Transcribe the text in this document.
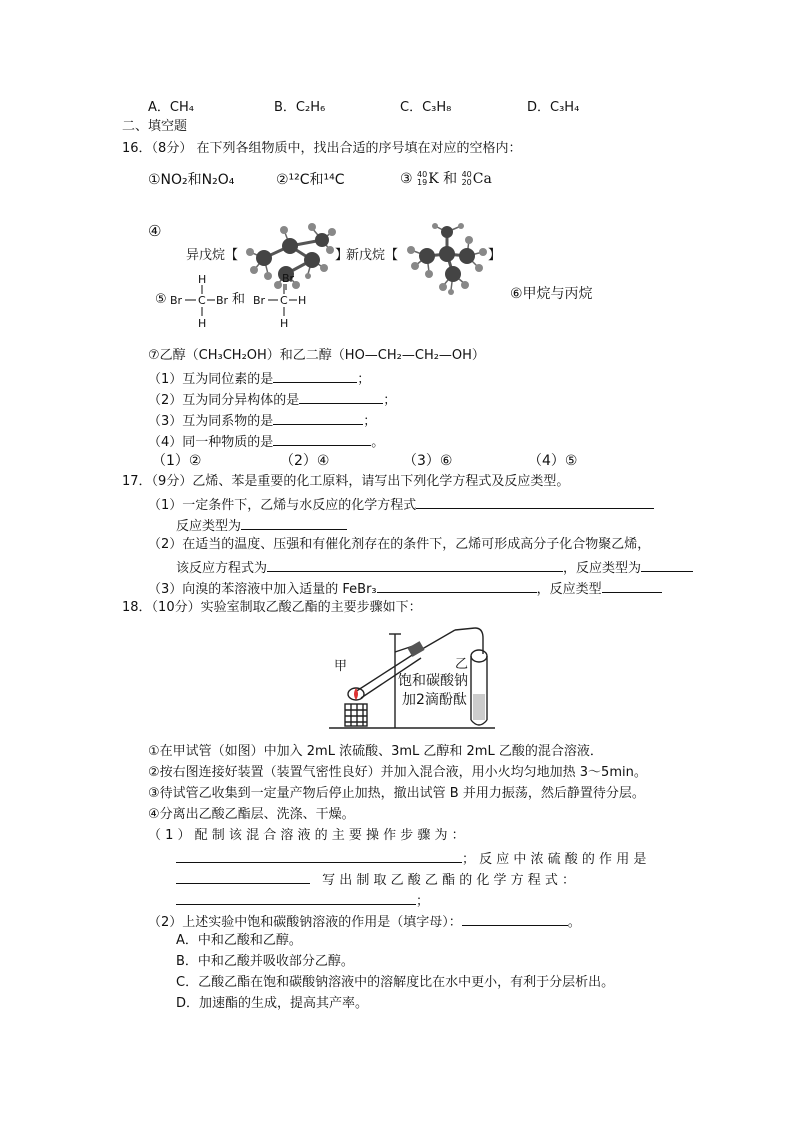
A．CH₄	B．C₂H₆	C．C₃H₈	D．C₃H₄
二、填空题
16．（8分） 在下列各组物质中，找出合适的序号填在对应的空格内：
①NO₂和N₂O₄	②¹²C和¹⁴C	③ 40
19 K 和 40
20 Ca
④
异戊烷【	】
新戊烷【	】
⑤
H
Br C Br
H
Br C H
H
和
Br
⑥甲烷与丙烷
⑦乙醇（CH₃CH₂OH）和乙二醇（HO—CH₂—CH₂—OH）
（1）互为同位素的是	；
（2）互为同分异构体的是	；
（3）互为同系物的是	；
（4）同一种物质的是	。
（1）②	（2）④	（3）⑥	（4）⑤
17．（9分）乙烯、苯是重要的化工原料，请写出下列化学方程式及反应类型。
（1）一定条件下，乙烯与水反应的化学方程式
反应类型为
（2）在适当的温度、压强和有催化剂存在的条件下，乙烯可形成高分子化合物聚乙烯，
该反应方程式为	，反应类型为
（3）向溴的苯溶液中加入适量的 FeBr₃	，反应类型
18．（10分）实验室制取乙酸乙酯的主要步骤如下：
甲	乙
饱和碳酸钠
加2滴酚酞
①在甲试管（如图）中加入 2mL 浓硫酸、3mL 乙醇和 2mL 乙酸的混合溶液．
②按右图连接好装置（装置气密性良好）并加入混合液，用小火均匀地加热 3～5min。
③待试管乙收集到一定量产物后停止加热，撤出试管 B 并用力振荡，然后静置待分层。
④分离出乙酸乙酯层、洗涤、干燥。
（ 1 ） 配 制 该 混 合 溶 液 的 主 要 操 作 步 骤 为 ：
； 反 应 中 浓 硫 酸 的 作 用 是
写 出 制 取 乙 酸 乙 酯 的 化 学 方 程 式 ：
；
（2）上述实验中饱和碳酸钠溶液的作用是（填字母）：	。
A．中和乙酸和乙醇。
B．中和乙酸并吸收部分乙醇。
C．乙酸乙酯在饱和碳酸钠溶液中的溶解度比在水中更小，有利于分层析出。
D．加速酯的生成，提高其产率。
